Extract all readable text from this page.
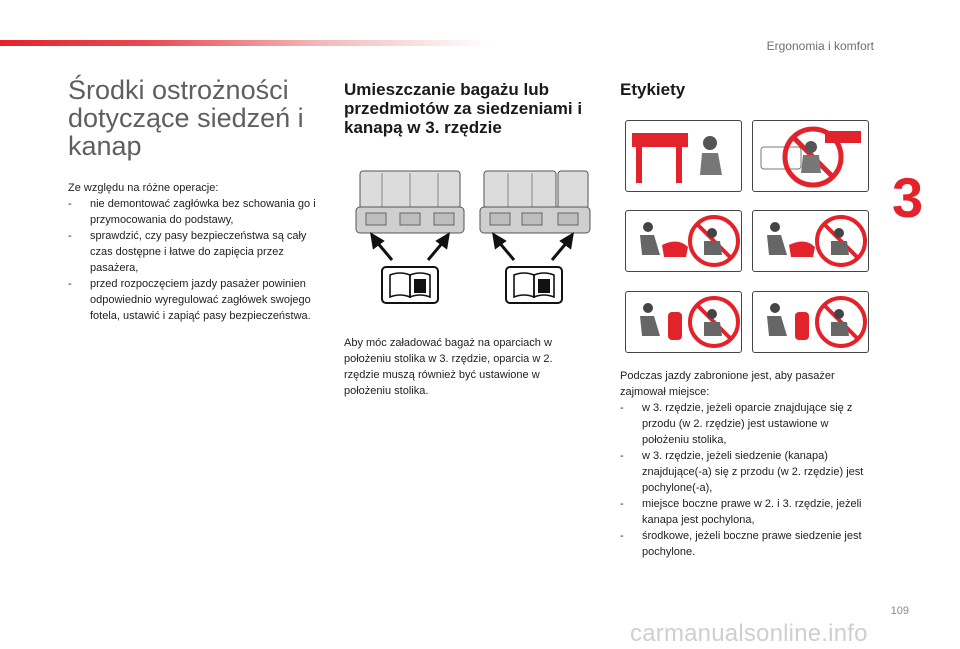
Ergonomia i komfort
3
Środki ostrożności dotyczące siedzeń i kanap

Ze względu na różne operacje:

- nie demontować zagłówka bez schowania go i przymocowania do podstawy,
- sprawdzić, czy pasy bezpieczeństwa są cały czas dostępne i łatwe do zapięcia przez pasażera,
- przed rozpoczęciem jazdy pasażer powinien odpowiednio wyregulować zagłówek swojego fotela, ustawić i zapiąć pasy bezpieczeństwa.
Umieszczanie bagażu lub przedmiotów za siedzeniami i kanapą w 3. rzędzie

Aby móc załadować bagaż na oparciach w położeniu stolika w 3. rzędzie, oparcia w 2. rzędzie muszą również być ustawione w położeniu stolika.

Etykiety

Podczas jazdy zabronione jest, aby pasażer zajmował miejsce:

- w 3. rzędzie, jeżeli oparcie znajdujące się z przodu (w 2. rzędzie) jest ustawione w położeniu stolika,
- w 3. rzędzie, jeżeli siedzenie (kanapa) znajdujące(-a) się z przodu (w 2. rzędzie) jest pochylone(-a),
- miejsce boczne prawe w 2. i 3. rzędzie, jeżeli kanapa jest pochylona,
- środkowe, jeżeli boczne prawe siedzenie jest pochylone.
109
carmanualsonline.info
